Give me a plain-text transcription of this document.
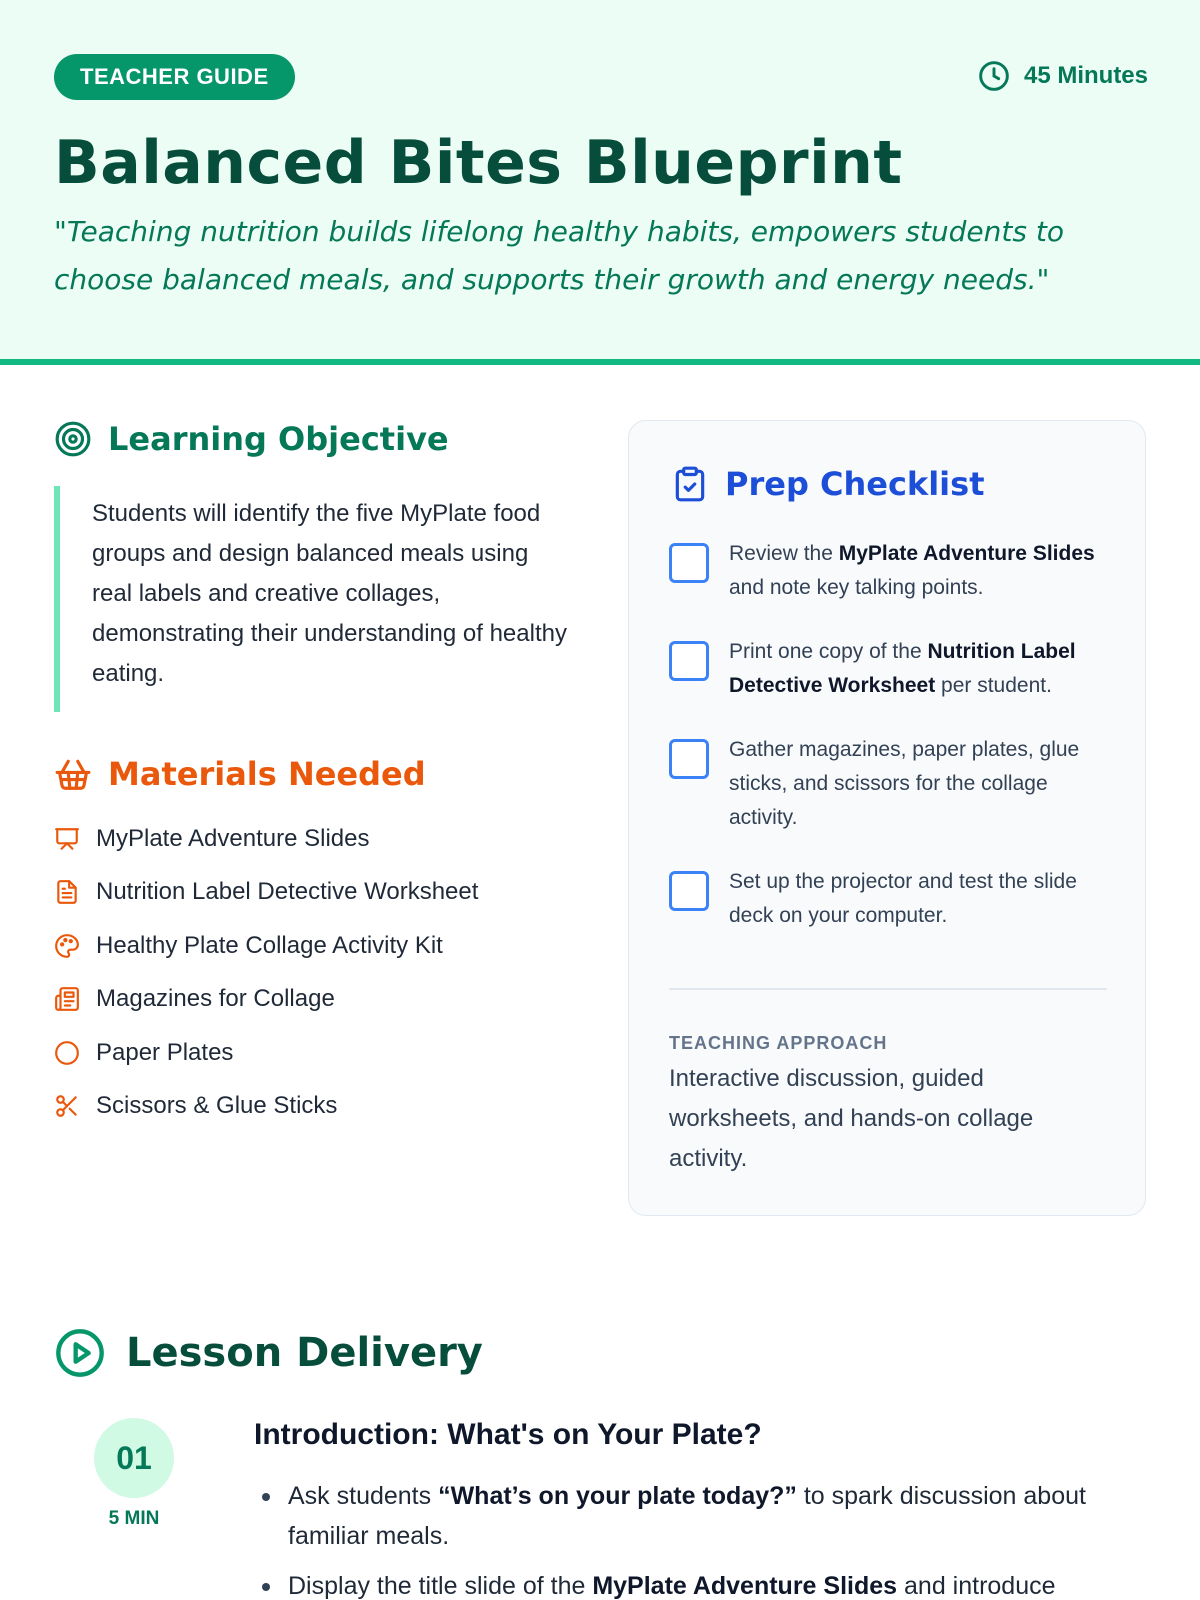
TEACHER GUIDE	45 Minutes
Balanced Bites Blueprint

"Teaching nutrition builds lifelong healthy habits, empowers students to choose balanced meals, and supports their growth and energy needs."

Learning Objective
Students will identify the five MyPlate food groups and design balanced meals using real labels and creative collages, demonstrating their understanding of healthy eating.
Materials Needed
MyPlate Adventure Slides
Nutrition Label Detective Worksheet
Healthy Plate Collage Activity Kit
Magazines for Collage
Paper Plates
Scissors & Glue Sticks
Prep Checklist
Review the MyPlate Adventure Slides and note key talking points.
Print one copy of the Nutrition Label Detective Worksheet per student.
Gather magazines, paper plates, glue sticks, and scissors for the collage activity.
Set up the projector and test the slide deck on your computer.
TEACHING APPROACH
Interactive discussion, guided worksheets, and hands-on collage activity.
Lesson Delivery
01
5 MIN
Introduction: What's on Your Plate?
Ask students “What’s on your plate today?” to spark discussion about familiar meals.
Display the title slide of the MyPlate Adventure Slides and introduce
